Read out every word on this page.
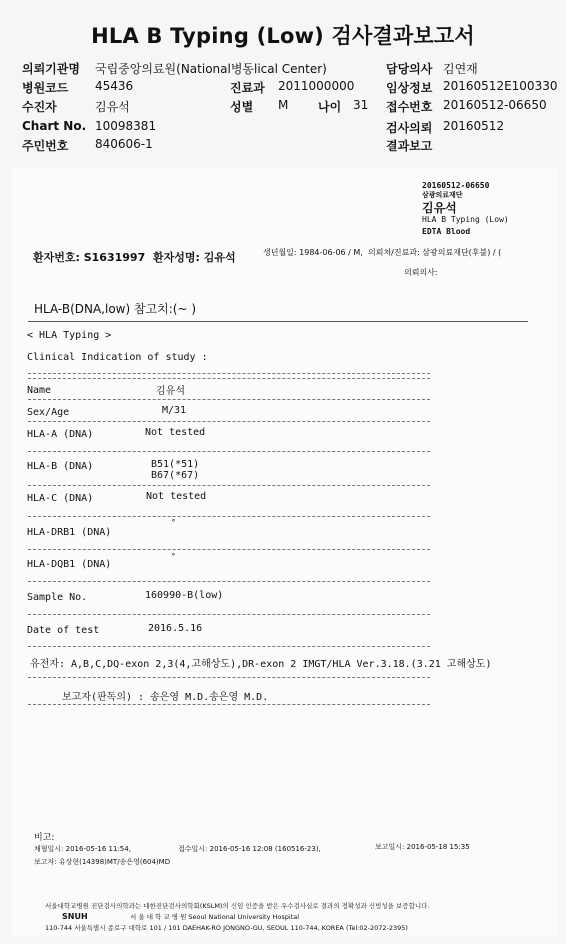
HLA B Typing (Low) 검사결과보고서
의뢰기관명 국립중앙의료원(National병동lical Center)	담당의사 김연재
병원코드 45436	진료과 2011000000	임상정보 20160512E100330
수진자	김유석	성별 M 나이 31 접수번호 20160512-06650
Chart No. 10098381	검사의뢰 20160512
주민번호 840606-1	결과보고
20160512-06650
삼광의료재단
김유석
HLA B Typing (Low)
EDTA Blood
환자번호: S1631997 환자성명: 김유석	생년월일: 1984-06-06 / M, 의뢰처/진료과: 삼광의료재단(후불) / (
의뢰의사:
HLA-B(DNA,low) 참고치:(~ )
< HLA Typing >
Clinical Indication of study :
Name	김유석
Sex/Age	M/31
HLA-A (DNA)	Not tested
HLA-B (DNA)	B51(*51)
B67(*67)
HLA-C (DNA)	Not tested
HLA-DRB1 (DNA)
°
HLA-DQB1 (DNA)
°
Sample No.	160990-B(low)
Date of test	2016.5.16
유전자: A,B,C,DQ-exon 2,3(4,고해상도),DR-exon 2 IMGT/HLA Ver.3.18.(3.21 고해상도)
보고자(판독의) : 송은영 M.D.송은영 M.D.
비고:
채혈일시: 2016-05-16 11:54,	접수일시: 2016-05-16 12:08 (160516-23),	보고일시: 2016-05-18 15:35
보고자: 유상현(14398)MT/송은영(604)MD
서울대학교병원 진단검사의학과는 대한진단검사의학회(KSLM)의 신임 인증을 받은 우수검사실로 결과의 정확성과 신빙성을 보증합니다.
SNUH	서 울 대 학 교 병 원 Seoul National University Hospital
110-744 서울특별시 종로구 대학로 101 / 101 DAEHAK-RO JONGNO-GU, SEOUL 110-744, KOREA (Tel:02-2072-2395)
